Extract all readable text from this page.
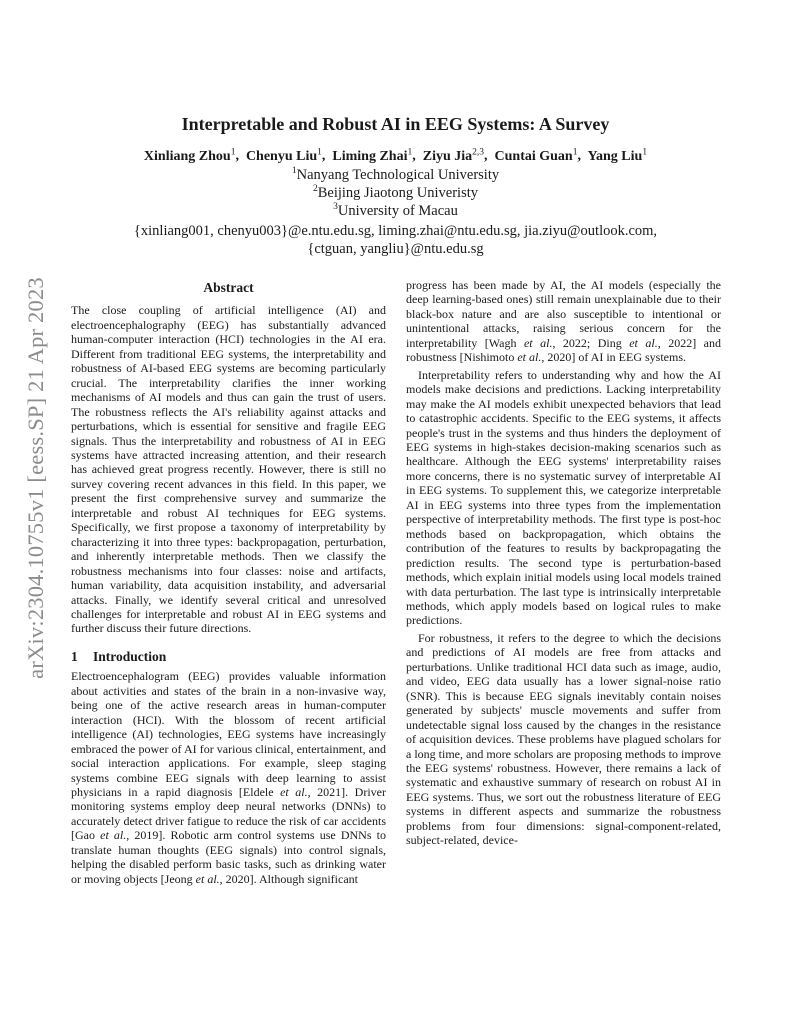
arXiv:2304.10755v1 [eess.SP] 21 Apr 2023
Interpretable and Robust AI in EEG Systems: A Survey
Xinliang Zhou$^1$,  Chenyu Liu$^1$,  Liming Zhai$^1$,  Ziyu Jia$^{2,3}$,  Cuntai Guan$^1$,  Yang Liu$^1$
$^1$Nanyang Technological University
$^2$Beijing Jiaotong Univeristy
$^3$University of Macau
{xinliang001, chenyu003}@e.ntu.edu.sg, liming.zhai@ntu.edu.sg, jia.ziyu@outlook.com,
{ctguan, yangliu}@ntu.edu.sg
Abstract

The close coupling of artificial intelligence (AI) and electroencephalography (EEG) has substantially advanced human-computer interaction (HCI) technologies in the AI era. Different from traditional EEG systems, the interpretability and robustness of AI-based EEG systems are becoming particularly crucial. The interpretability clarifies the inner working mechanisms of AI models and thus can gain the trust of users. The robustness reflects the AI's reliability against attacks and perturbations, which is essential for sensitive and fragile EEG signals. Thus the interpretability and robustness of AI in EEG systems have attracted increasing attention, and their research has achieved great progress recently. However, there is still no survey covering recent advances in this field. In this paper, we present the first comprehensive survey and summarize the interpretable and robust AI techniques for EEG systems. Specifically, we first propose a taxonomy of interpretability by characterizing it into three types: backpropagation, perturbation, and inherently interpretable methods. Then we classify the robustness mechanisms into four classes: noise and artifacts, human variability, data acquisition instability, and adversarial attacks. Finally, we identify several critical and unresolved challenges for interpretable and robust AI in EEG systems and further discuss their future directions.

1 Introduction

Electroencephalogram (EEG) provides valuable information about activities and states of the brain in a non-invasive way, being one of the active research areas in human-computer interaction (HCI). With the blossom of recent artificial intelligence (AI) technologies, EEG systems have increasingly embraced the power of AI for various clinical, entertainment, and social interaction applications. For example, sleep staging systems combine EEG signals with deep learning to assist physicians in a rapid diagnosis [Eldele et al., 2021]. Driver monitoring systems employ deep neural networks (DNNs) to accurately detect driver fatigue to reduce the risk of car accidents [Gao et al., 2019]. Robotic arm control systems use DNNs to translate human thoughts (EEG signals) into control signals, helping the disabled perform basic tasks, such as drinking water or moving objects [Jeong et al., 2020]. Although significant

progress has been made by AI, the AI models (especially the deep learning-based ones) still remain unexplainable due to their black-box nature and are also susceptible to intentional or unintentional attacks, raising serious concern for the interpretability [Wagh et al., 2022; Ding et al., 2022] and robustness [Nishimoto et al., 2020] of AI in EEG systems.

Interpretability refers to understanding why and how the AI models make decisions and predictions. Lacking interpretability may make the AI models exhibit unexpected behaviors that lead to catastrophic accidents. Specific to the EEG systems, it affects people's trust in the systems and thus hinders the deployment of EEG systems in high-stakes decision-making scenarios such as healthcare. Although the EEG systems' interpretability raises more concerns, there is no systematic survey of interpretable AI in EEG systems. To supplement this, we categorize interpretable AI in EEG systems into three types from the implementation perspective of interpretability methods. The first type is post-hoc methods based on backpropagation, which obtains the contribution of the features to results by backpropagating the prediction results. The second type is perturbation-based methods, which explain initial models using local models trained with data perturbation. The last type is intrinsically interpretable methods, which apply models based on logical rules to make predictions.

For robustness, it refers to the degree to which the decisions and predictions of AI models are free from attacks and perturbations. Unlike traditional HCI data such as image, audio, and video, EEG data usually has a lower signal-noise ratio (SNR). This is because EEG signals inevitably contain noises generated by subjects' muscle movements and suffer from undetectable signal loss caused by the changes in the resistance of acquisition devices. These problems have plagued scholars for a long time, and more scholars are proposing methods to improve the EEG systems' robustness. However, there remains a lack of systematic and exhaustive summary of research on robust AI in EEG systems. Thus, we sort out the robustness literature of EEG systems in different aspects and summarize the robustness problems from four dimensions: signal-component-related, subject-related, device-
